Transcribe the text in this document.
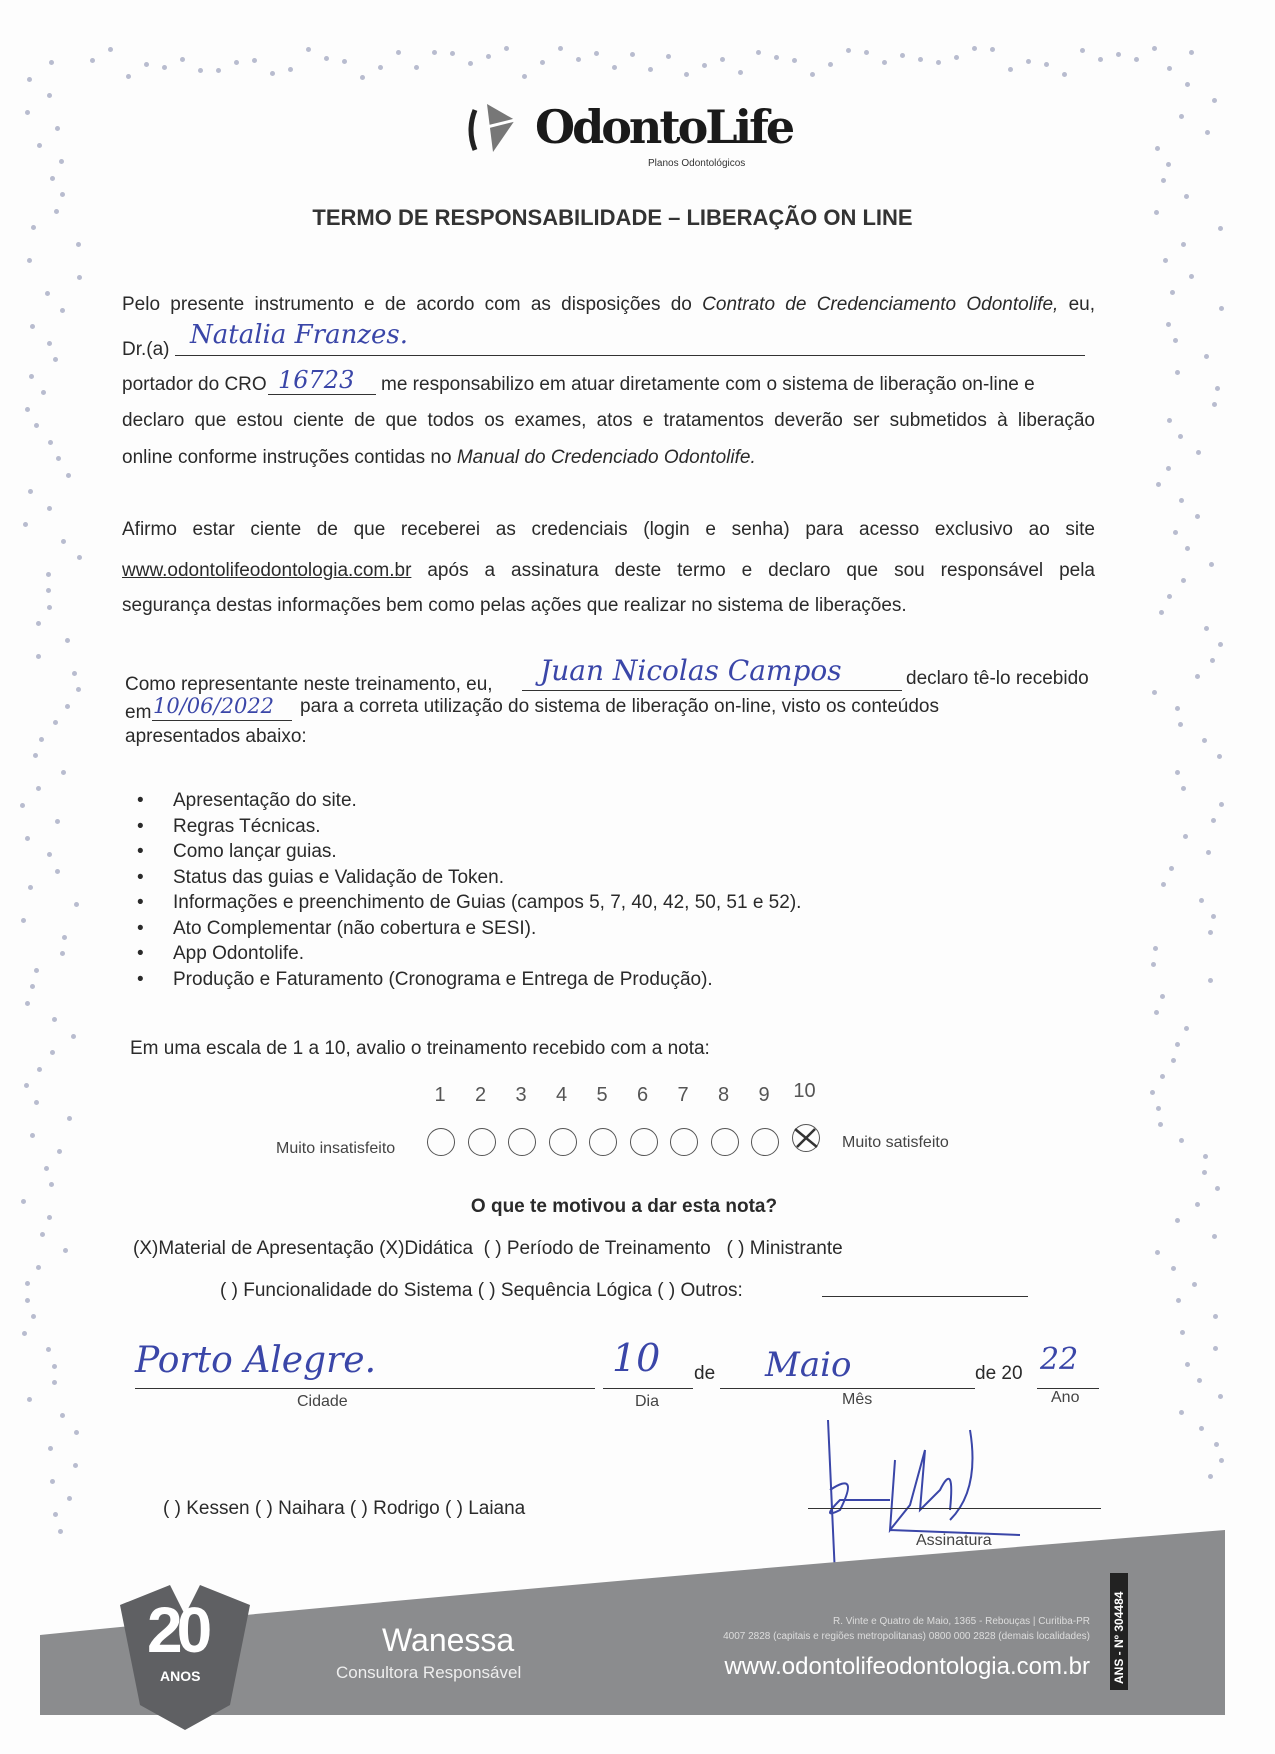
OdontoLife
Planos Odontológicos
TERMO DE RESPONSABILIDADE – LIBERAÇÃO ON LINE
Pelo presente instrumento e de acordo com as disposições do Contrato de Credenciamento Odontolife, eu,
Dr.(a) Natalia Franzes.
portador do CRO 16723 me responsabilizo em atuar diretamente com o sistema de liberação on-line e
declaro que estou ciente de que todos os exames, atos e tratamentos deverão ser submetidos à liberação
online conforme instruções contidas no Manual do Credenciado Odontolife.
Afirmo estar ciente de que receberei as credenciais (login e senha) para acesso exclusivo ao site
www.odontolifeodontologia.com.br após a assinatura deste termo e declaro que sou responsável pela
segurança destas informações bem como pelas ações que realizar no sistema de liberações.
Como representante neste treinamento, eu, Juan Nicolas Campos	declaro tê-lo recebido
em 10/06/2022 para a correta utilização do sistema de liberação on-line, visto os conteúdos
apresentados abaixo:
• Apresentação do site.
• Regras Técnicas.
• Como lançar guias.
• Status das guias e Validação de Token.
• Informações e preenchimento de Guias (campos 5, 7, 40, 42, 50, 51 e 52).
• Ato Complementar (não cobertura e SESI).
• App Odontolife.
• Produção e Faturamento (Cronograma e Entrega de Produção).
Em uma escala de 1 a 10, avalio o treinamento recebido com a nota:
1	2	3	4	5	6	7	8	9	10
Muito insatisfeito	Muito satisfeito
O que te motivou a dar esta nota?
(X)Material de Apresentação (X)Didática ( ) Período de Treinamento ( ) Ministrante
( ) Funcionalidade do Sistema ( ) Sequência Lógica ( ) Outros:
Porto Alegre.	10 de Maio	de 20 22
Cidade	Dia	Mês	Ano
( ) Kessen ( ) Naihara ( ) Rodrigo ( ) Laiana
Assinatura
20
ANOS
Wanessa
Consultora Responsável
R. Vinte e Quatro de Maio, 1365 - Rebouças | Curitiba-PR
4007 2828 (capitais e regiões metropolitanas) 0800 000 2828 (demais localidades)
www.odontolifeodontologia.com.br ANS - Nº 304484
